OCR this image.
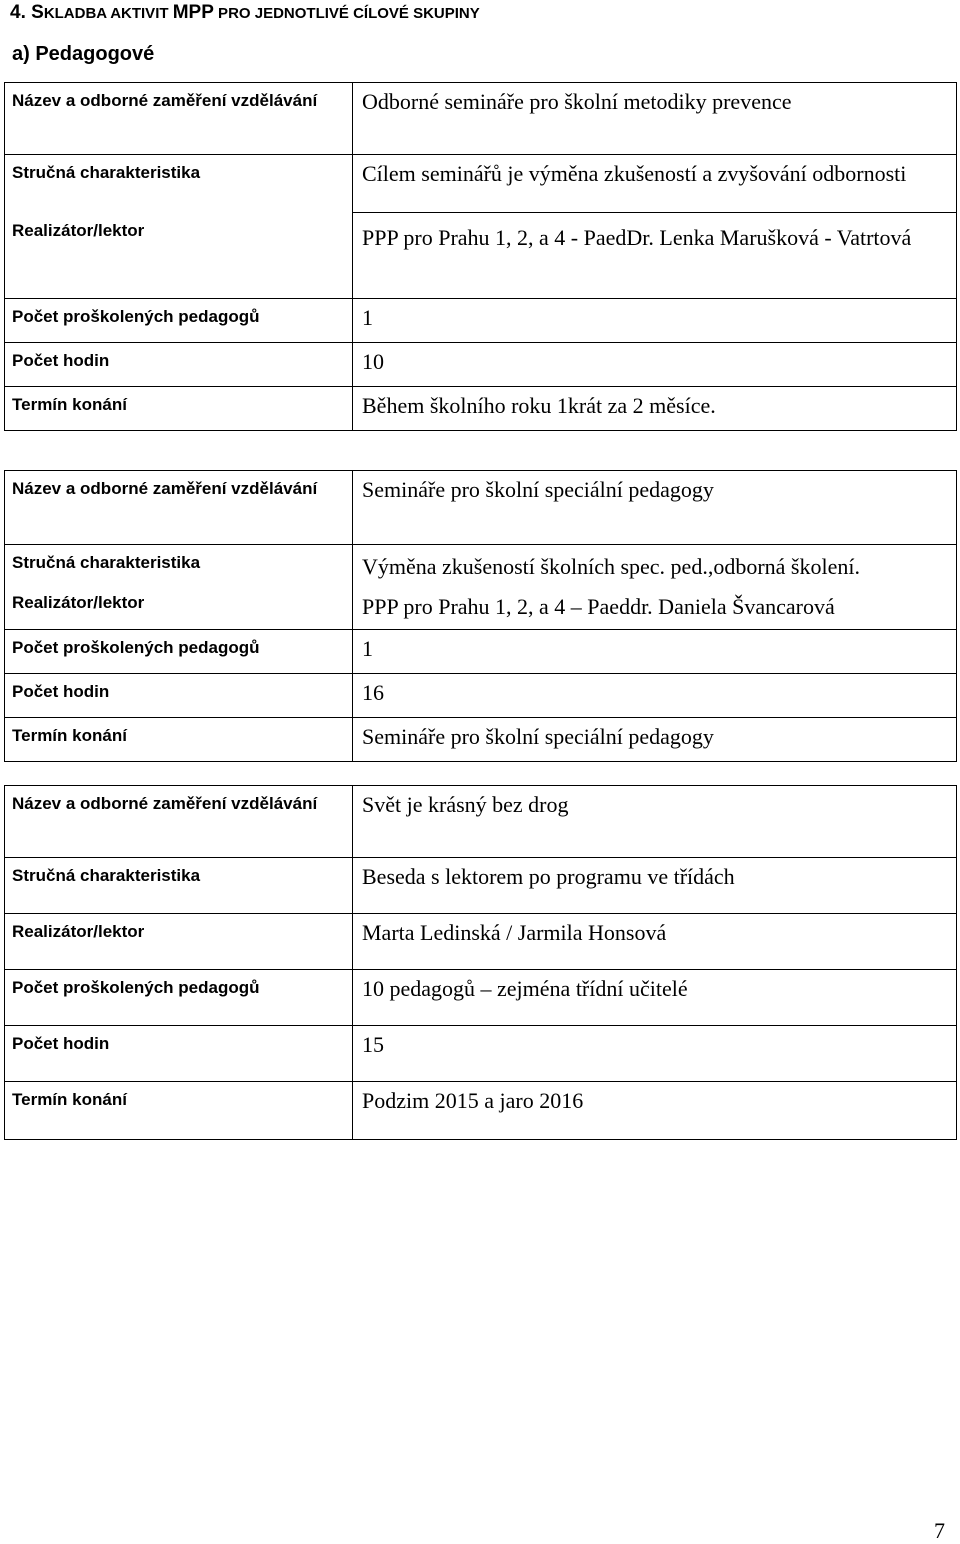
4. SKLADBA AKTIVIT MPP PRO JEDNOTLIVÉ CÍLOVÉ SKUPINY
a) Pedagogové
Název a odborné zaměření vzdělávání	Odborné semináře pro školní metodiky prevence
Stručná charakteristika	Cílem seminářů je výměna zkušeností a zvyšování odbornosti
Realizátor/lektor	PPP pro Prahu 1, 2, a 4 - PaedDr. Lenka Marušková - Vatrtová
Počet proškolených pedagogů	1
Počet hodin	10
Termín konání	Během školního roku 1krát za 2 měsíce.
Název a odborné zaměření vzdělávání	Semináře pro školní speciální pedagogy
Stručná charakteristika	Výměna zkušeností školních spec. ped.,odborná školení.
Realizátor/lektor	PPP pro Prahu 1, 2, a 4 – Paeddr. Daniela Švancarová
Počet proškolených pedagogů	1
Počet hodin	16
Termín konání	Semináře pro školní speciální pedagogy
Název a odborné zaměření vzdělávání	Svět je krásný bez drog
Stručná charakteristika	Beseda s lektorem po programu ve třídách
Realizátor/lektor	Marta Ledinská / Jarmila Honsová
Počet proškolených pedagogů	10 pedagogů – zejména třídní učitelé
Počet hodin	15
Termín konání	Podzim 2015 a jaro 2016
7
